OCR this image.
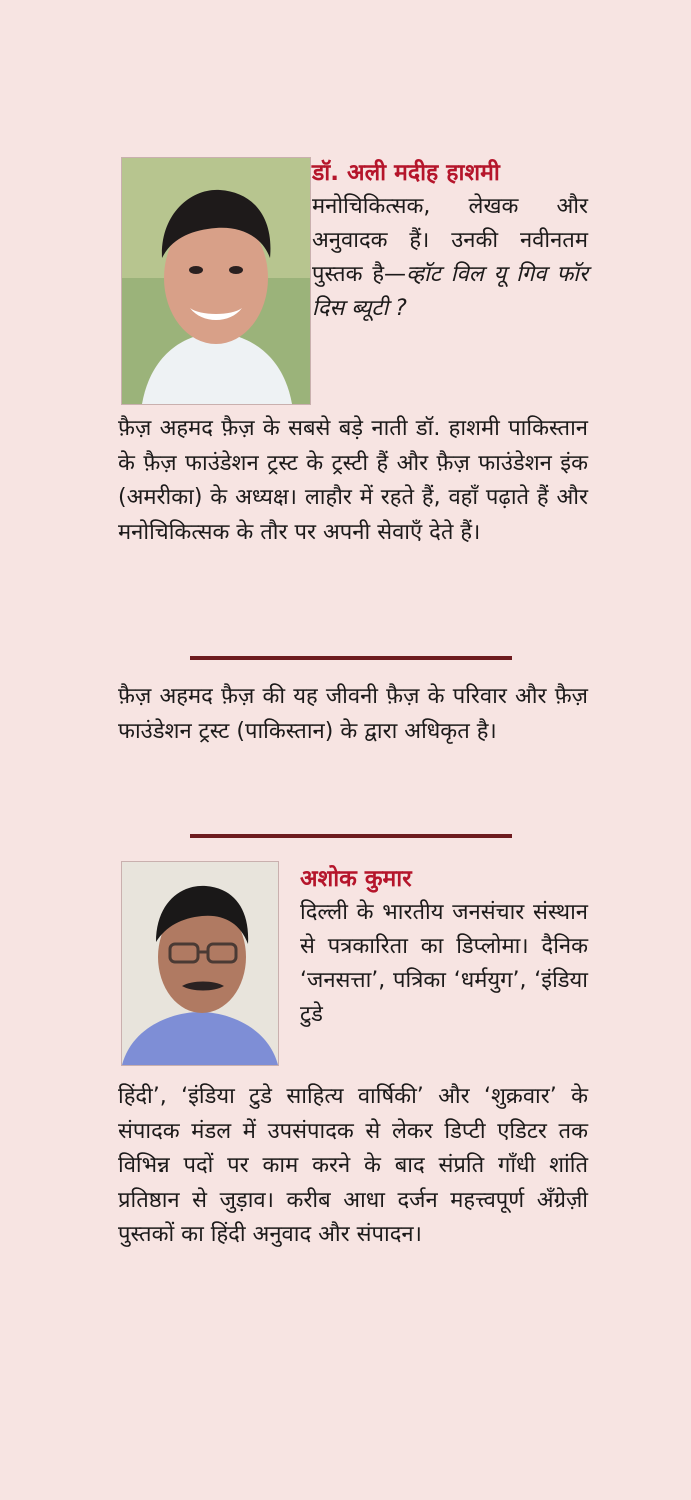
डॉ. अली मदीह हाशमी
मनोचिकित्सक, लेखक और अनुवादक हैं। उनकी नवीनतम पुस्तक है—व्हॉट विल यू गिव फॉर दिस ब्यूटी ?

फ़ैज़ अहमद फ़ैज़ के सबसे बड़े नाती डॉ. हाशमी पाकिस्तान के फ़ैज़ फाउंडेशन ट्रस्ट के ट्रस्टी हैं और फ़ैज़ फाउंडेशन इंक (अमरीका) के अध्यक्ष। लाहौर में रहते हैं, वहाँ पढ़ाते हैं और मनोचिकित्सक के तौर पर अपनी सेवाएँ देते हैं।

फ़ैज़ अहमद फ़ैज़ की यह जीवनी फ़ैज़ के परिवार और फ़ैज़ फाउंडेशन ट्रस्ट (पाकिस्तान) के द्वारा अधिकृत है।

अशोक कुमार
दिल्ली के भारतीय जनसंचार संस्थान से पत्रकारिता का डिप्लोमा। दैनिक ‘जनसत्ता’, पत्रिका ‘धर्मयुग’, ‘इंडिया टुडे

हिंदी’, ‘इंडिया टुडे साहित्य वार्षिकी’ और ‘शुक्रवार’ के संपादक मंडल में उपसंपादक से लेकर डिप्टी एडिटर तक विभिन्न पदों पर काम करने के बाद संप्रति गाँधी शांति प्रतिष्ठान से जुड़ाव। करीब आधा दर्जन महत्त्वपूर्ण अँग्रेज़ी पुस्तकों का हिंदी अनुवाद और संपादन।
